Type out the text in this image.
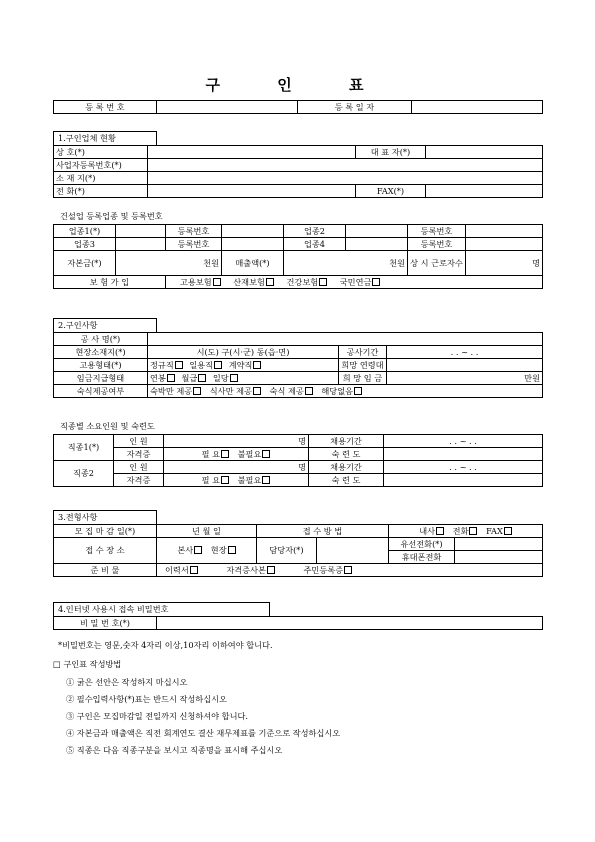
구 인 표
등 록 번 호		등 록 일 자	
1.구인업체 현황
상 호(*)		대 표 자(*)	
사업자등록번호(*)			
소 재 지(*)			
전 화(*)		FAX(*)	
건설업 등록업종 및 등록번호
업종1(*)		등록번호		업종2		등록번호	
업종3		등록번호		업종4		등록번호	
자본금(*)	천원		매출액(*)	천원		상 시 근로자수	명
보 험 가 입		고용보험 산재보험 건강보험 국민연금					
2.구인사항
공 사 명(*)			
현장소재지(*)	시(도) 구(시·군) 동(읍·면)	공사기간	. . ~ . .
고용형태(*)	정규직 일용직 계약직	희망 연령대	
임금지급형태	연봉 월급 일당	희 망 임 금	만원
숙식제공여부	숙박만 제공 식사만 제공 숙식 제공 해당없음		
직종별 소요인원 및 숙련도
직종1(*)	인 원	명	채용기간	. . ~ . .
	자격증	필 요 불필요	숙 련 도	
직종2	인 원	명	채용기간	. . ~ . .
	자격증	필 요 불필요	숙 련 도	
3.전형사항
모 집 마 감 일(*)	년 월 일	접 수 방 법		내사 전화 FAX	
접 수 장 소	본사 현장	담당자(*)		유선전화(*)	
				휴대폰전화	
준 비 물	이력서 자격증사본 주민등록증				
4.인터넷 사용시 접속 비밀번호
비 밀 번 호(*)	
*비밀번호는 영문,숫자 4자리 이상,10자리 이하여야 합니다.
□ 구인표 작성방법
① 굵은 선안은 작성하지 마십시오
② 필수입력사항(*)표는 반드시 작성하십시오
③ 구인은 모집마감일 전일까지 신청하셔야 합니다.
④ 자본금과 매출액은 직전 회계연도 결산 재무제표를 기준으로 작성하십시오
⑤ 직종은 다음 직종구분을 보시고 직종명을 표시해 주십시오
